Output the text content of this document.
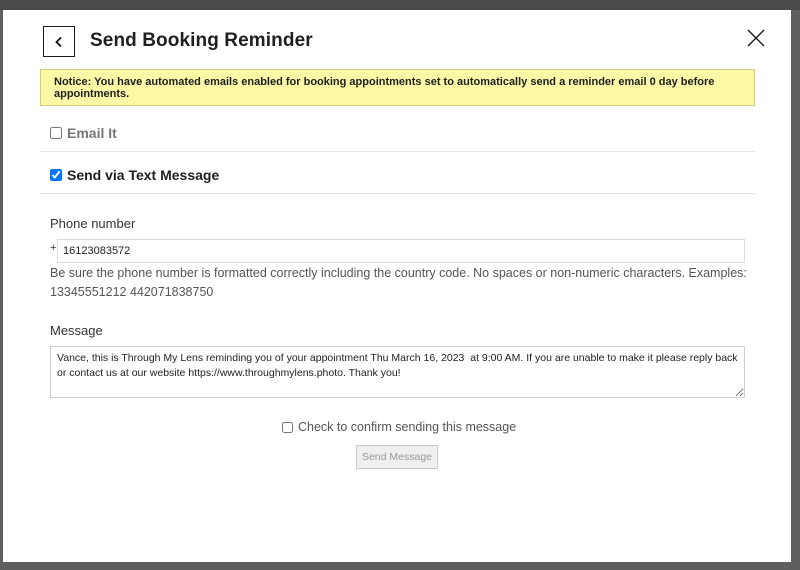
Send Booking Reminder
Notice: You have automated emails enabled for booking appointments set to automatically send a reminder email 0 day before appointments.
Email It
Send via Text Message
Phone number
+
16123083572
Be sure the phone number is formatted correctly including the country code. No spaces or non-numeric characters. Examples: 13345551212 442071838750
Message
Vance, this is Through My Lens reminding you of your appointment Thu March 16, 2023 at 9:00 AM. If you are unable to make it please reply back or contact us at our website https://www.throughmylens.photo. Thank you!
Check to confirm sending this message
Send Message
